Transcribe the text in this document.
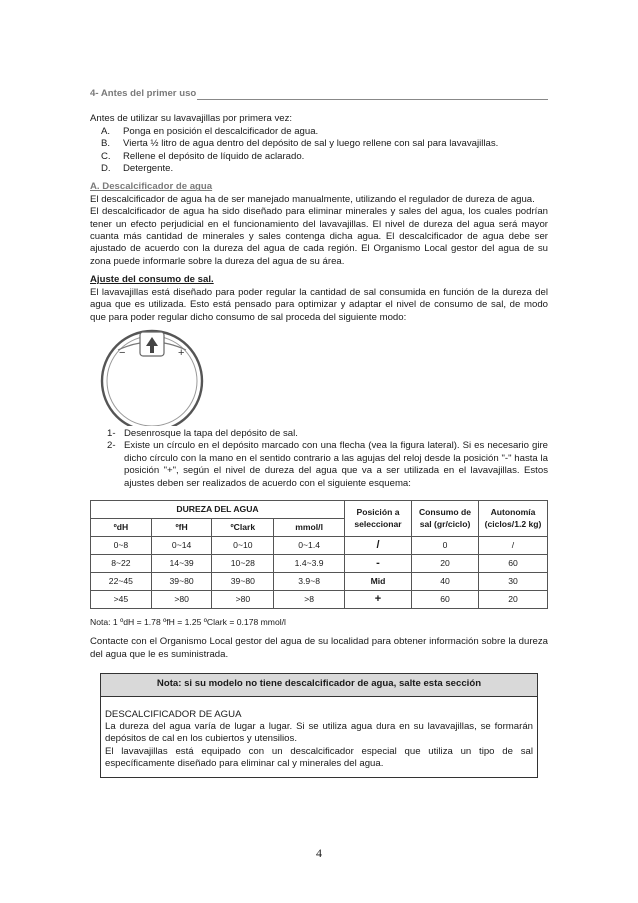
4- Antes del primer uso

Antes de utilizar su lavavajillas por primera vez:

A.	Ponga en posición el descalcificador de agua.
B.	Vierta ½ litro de agua dentro del depósito de sal y luego rellene con sal para lavavajillas.
C.	Rellene el depósito de líquido de aclarado.
D.	Detergente.
A. Descalcificador de agua

El descalcificador de agua ha de ser manejado manualmente, utilizando el regulador de dureza de agua.

El descalcificador de agua ha sido diseñado para eliminar minerales y sales del agua, los cuales podrían tener un efecto perjudicial en el funcionamiento del lavavajillas. El nivel de dureza del agua será mayor cuanta más cantidad de minerales y sales contenga dicha agua. El descalcificador de agua debe ser ajustado de acuerdo con la dureza del agua de cada región. El Organismo Local gestor del agua de su zona puede informarle sobre la dureza del agua de su área.

Ajuste del consumo de sal.

El lavavajillas está diseñado para poder regular la cantidad de sal consumida en función de la dureza del agua que es utilizada. Esto está pensado para optimizar y adaptar el nivel de consumo de sal, de modo que para poder regular dicho consumo de sal proceda del siguiente modo:

−	+
1- Desenrosque la tapa del depósito de sal.
2- Existe un círculo en el depósito marcado con una flecha (vea la figura lateral). Si es necesario gire dicho círculo con la mano en el sentido contrario a las agujas del reloj desde la posición "-" hasta la posición "+", según el nivel de dureza del agua que va a ser utilizada en el lavavajillas. Estos ajustes deben ser realizados de acuerdo con el siguiente esquema:
DUREZA DEL AGUA				Posición a seleccionar	Consumo de sal (gr/ciclo)	Autonomía (ciclos/1.2 kg)
ºdH	ºfH	ºClark	mmol/l			
0~8	0~14	0~10	0~1.4	/	0	/
8~22	14~39	10~28	1.4~3.9	-	20	60
22~45	39~80	39~80	3.9~8	Mid	40	30
>45	>80	>80	>8	+	60	20
Nota: 1 ºdH = 1.78 ºfH = 1.25 ºClark = 0.178 mmol/l

Contacte con el Organismo Local gestor del agua de su localidad para obtener información sobre la dureza del agua que le es suministrada.

Nota: si su modelo no tiene descalcificador de agua, salte esta sección
DESCALCIFICADOR DE AGUA

La dureza del agua varía de lugar a lugar. Si se utiliza agua dura en su lavavajillas, se formarán depósitos de cal en los cubiertos y utensilios.

El lavavajillas está equipado con un descalcificador especial que utiliza un tipo de sal específicamente diseñado para eliminar cal y minerales del agua.

4
